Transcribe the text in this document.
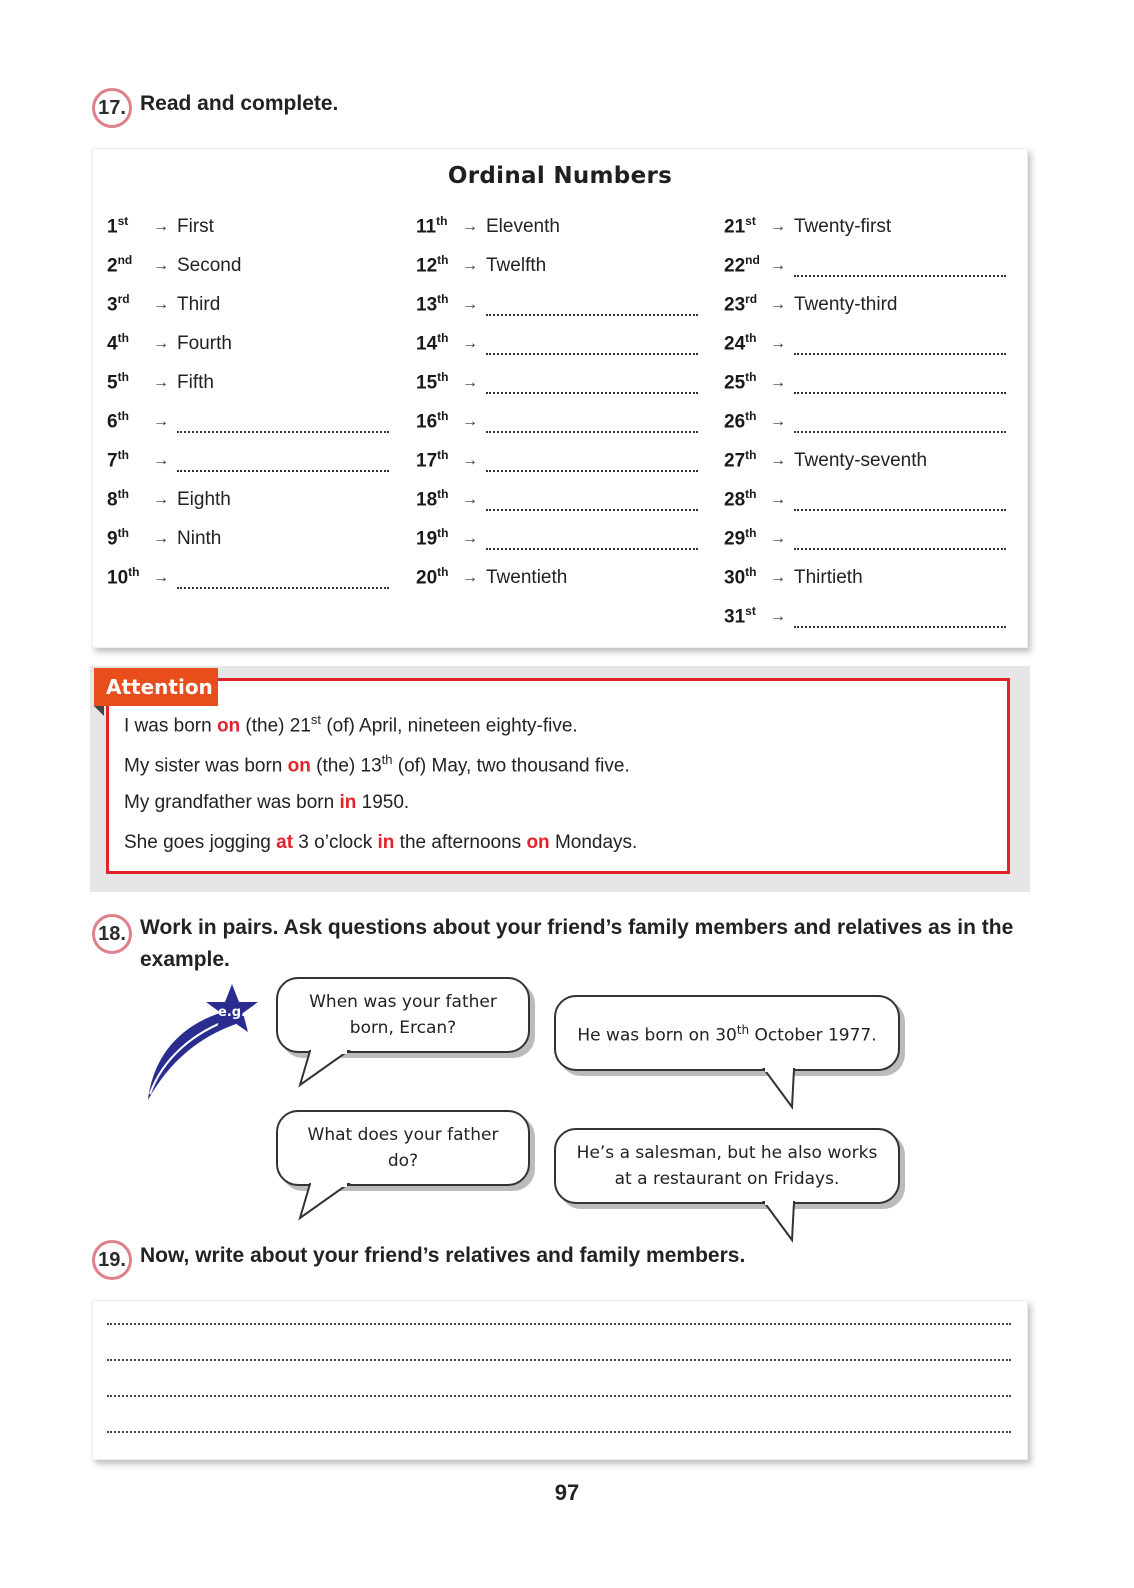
17. Read and complete.
Ordinal Numbers
1st	→ First
2nd	→ Second
3rd	→ Third
4th	→ Fourth
5th	→ Fifth
6th	→
7th	→
8th	→ Eighth
9th	→ Ninth
10th →
11th → Eleventh
12th → Twelfth
13th →
14th →
15th →
16th →
17th →
18th →
19th →
20th → Twentieth
21st → Twenty-first
22nd →
23rd → Twenty-third
24th →
25th →
26th →
27th → Twenty-seventh
28th →
29th →
30th → Thirtieth
31st →
Attention
I was born on (the) 21st (of) April, nineteen eighty-five.
My sister was born on (the) 13th (of) May, two thousand five.
My grandfather was born in 1950.
She goes jogging at 3 o’clock in the afternoons on Mondays.
18. Work in pairs. Ask questions about your friend’s family members and relatives as in the example.
e.g.
When was your father born, Ercan?	He was born on 30th October 1977.
What does your father do?	He’s a salesman, but he also works at a restaurant on Fridays.
19. Now, write about your friend’s relatives and family members.
97
